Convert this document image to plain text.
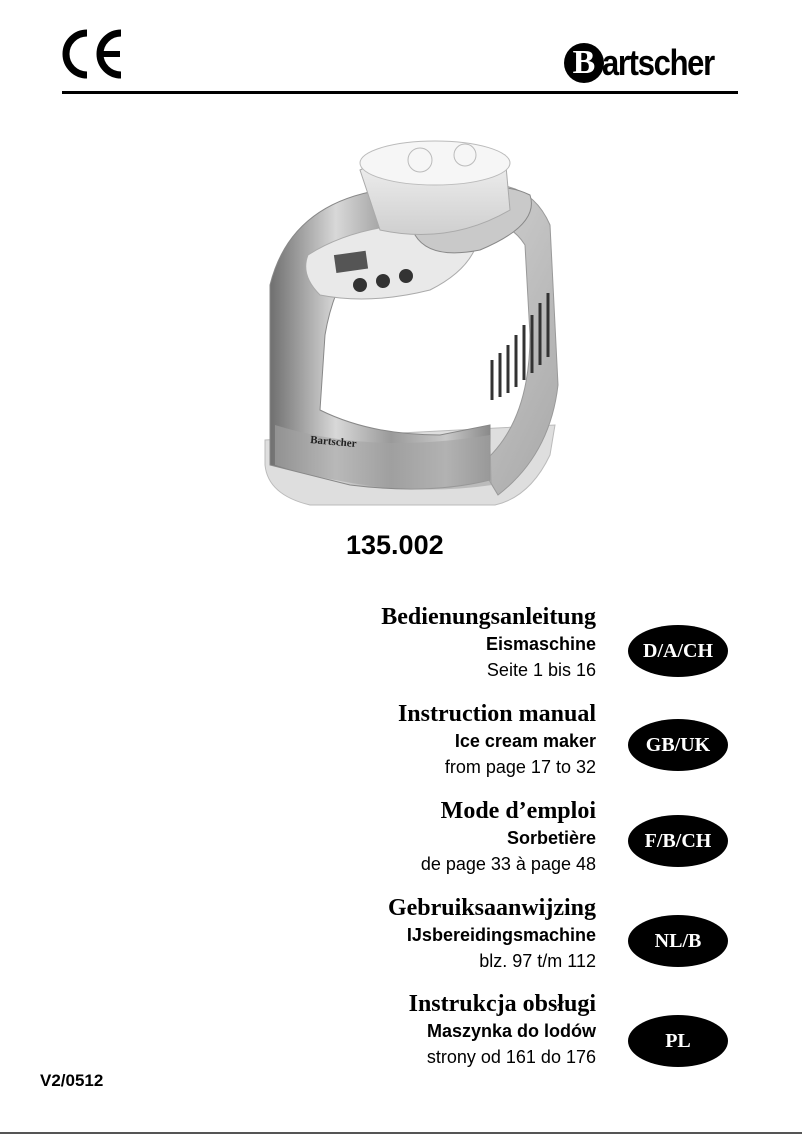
B artscher
Bartscher
135.002
Bedienungsanleitung
Eismaschine
Seite 1 bis 16
D/A/CH
Instruction manual
Ice cream maker
from page 17 to 32
GB/UK
Mode d’emploi
Sorbetière
de page 33 à page 48
F/B/CH
Gebruiksaanwijzing
IJsbereidingsmachine
blz. 97 t/m 112
NL/B
Instrukcja obsługi
Maszynka do lodów
strony od 161 do 176
PL
V2/0512
